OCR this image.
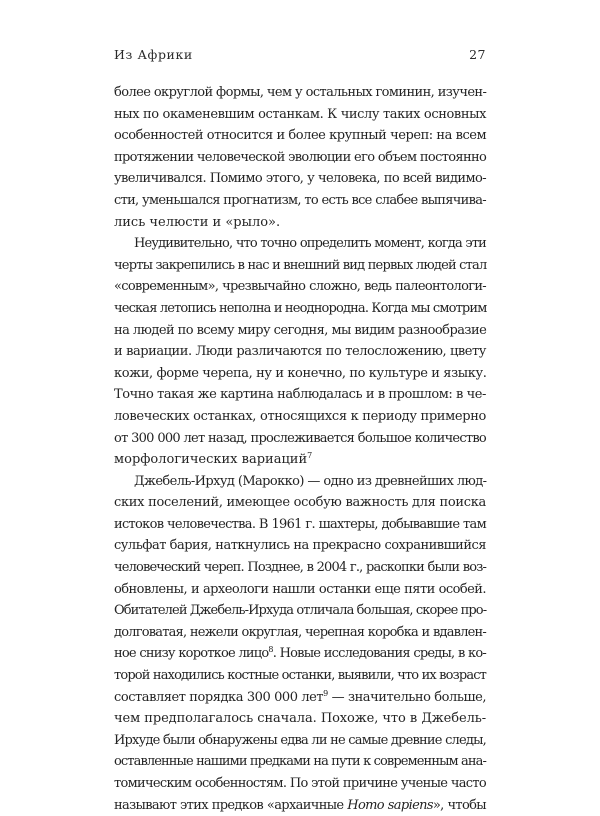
Из Африки	27

более округлой формы, чем у остальных гоминин, изучен-
ных по окаменевшим останкам. К числу таких основных
особенностей относится и более крупный череп: на всем
протяжении человеческой эволюции его объем постоянно
увеличивался. Помимо этого, у человека, по всей видимо-
сти, уменьшался прогнатизм, то есть все слабее выпячива-
лись челюсти и «рыло».

Неудивительно, что точно определить момент, когда эти
черты закрепились в нас и внешний вид первых людей стал
«современным», чрезвычайно сложно, ведь палеонтологи-
ческая летопись неполна и неоднородна. Когда мы смотрим
на людей по всему миру сегодня, мы видим разнообразие
и вариации. Люди различаются по телосложению, цвету
кожи, форме черепа, ну и конечно, по культуре и языку.
Точно такая же картина наблюдалась и в прошлом: в че-
ловеческих останках, относящихся к периоду примерно
от 300 000 лет назад, прослеживается большое количество
морфологических вариаций$^7$

Джебель-Ирхуд (Марокко) — одно из древнейших люд-
ских поселений, имеющее особую важность для поиска
истоков человечества. В 1961 г. шахтеры, добывавшие там
сульфат бария, наткнулись на прекрасно сохранившийся
человеческий череп. Позднее, в 2004 г., раскопки были воз-
обновлены, и археологи нашли останки еще пяти особей.
Обитателей Джебель-Ирхуда отличала большая, скорее про-
долговатая, нежели округлая, черепная коробка и вдавлен-
ное снизу короткое лицо$^8$. Новые исследования среды, в ко-
торой находились костные останки, выявили, что их возраст
составляет порядка 300 000 лет$^9$ — значительно больше,
чем предполагалось сначала. Похоже, что в Джебель-
Ирхуде были обнаружены едва ли не самые древние следы,
оставленные нашими предками на пути к современным ана-
томическим особенностям. По этой причине ученые часто
называют этих предков «архаичные Homo sapiens», чтобы
